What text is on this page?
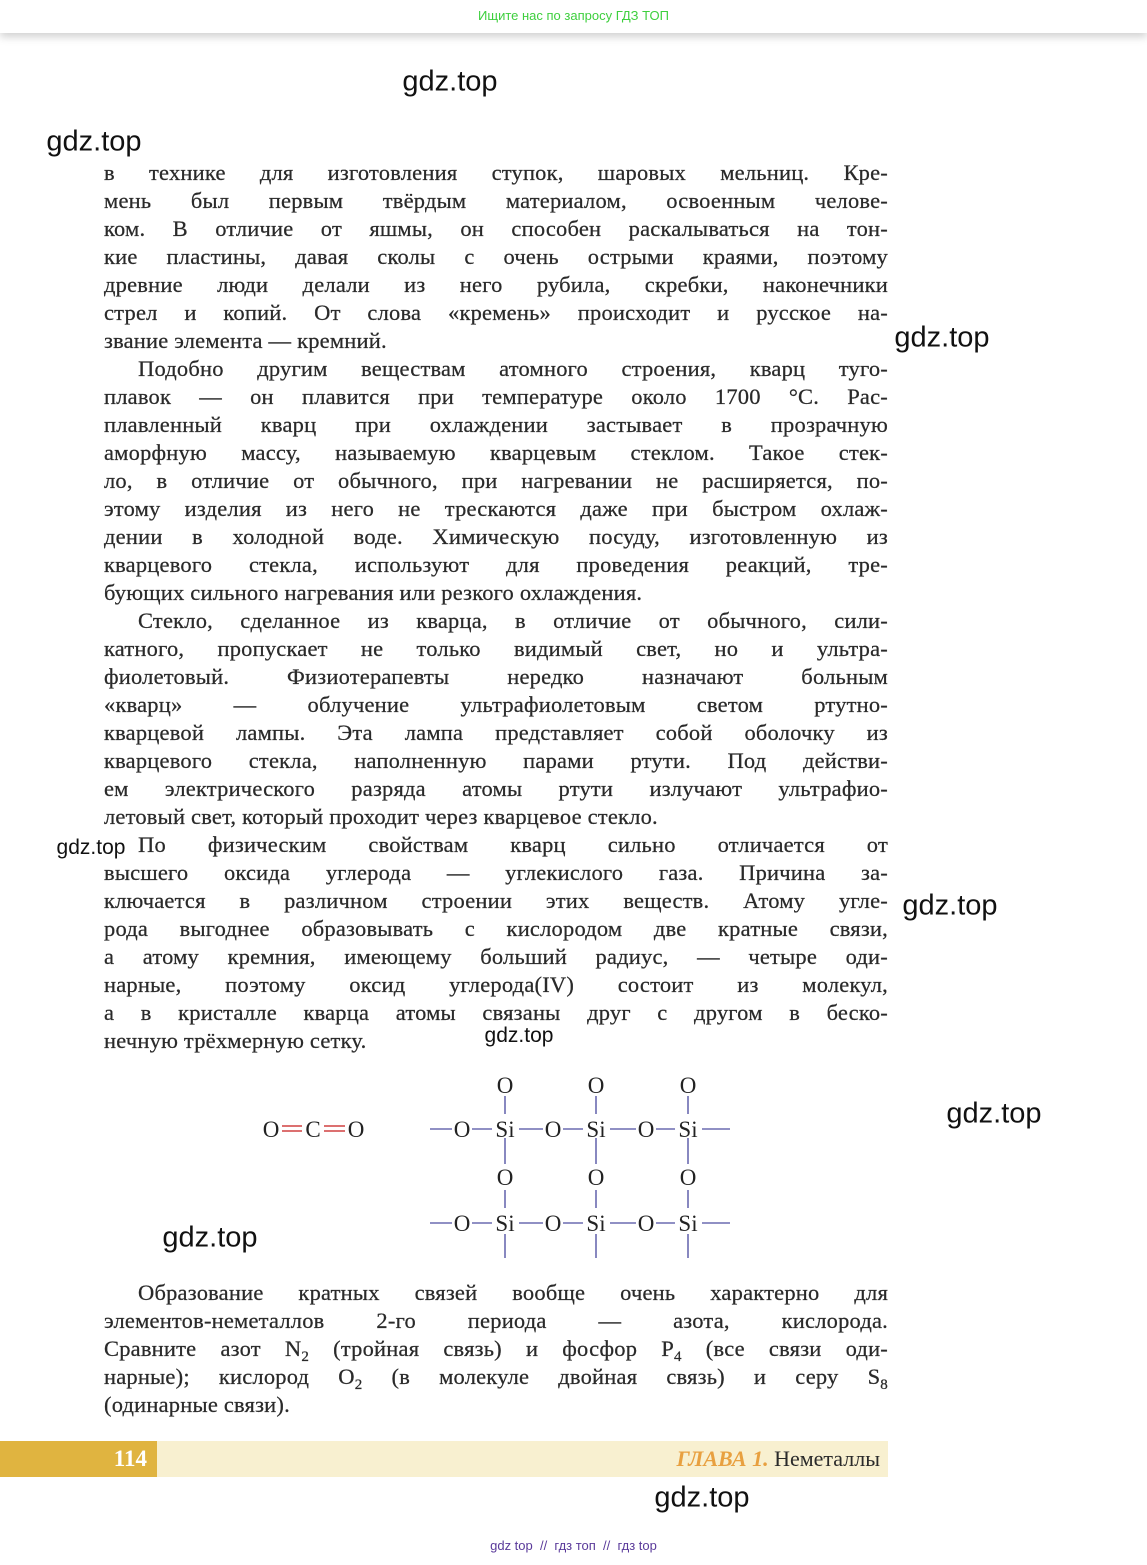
Ищите нас по запросу ГДЗ ТОП
в технике для изготовления ступок, шаровых мельниц. Кре-
мень был первым твёрдым материалом, освоенным челове-
ком. В отличие от яшмы, он способен раскалываться на тон-
кие пластины, давая сколы с очень острыми краями, поэтому
древние люди делали из него рубила, скребки, наконечники
стрел и копий. От слова «кремень» происходит и русское на-
звание элемента — кремний.
Подобно другим веществам атомного строения, кварц туго-
плавок — он плавится при температуре около 1700 °С. Рас-
плавленный кварц при охлаждении застывает в прозрачную
аморфную массу, называемую кварцевым стеклом. Такое стек-
ло, в отличие от обычного, при нагревании не расширяется, по-
этому изделия из него не трескаются даже при быстром охлаж-
дении в холодной воде. Химическую посуду, изготовленную из
кварцевого стекла, используют для проведения реакций, тре-
бующих сильного нагревания или резкого охлаждения.
Стекло, сделанное из кварца, в отличие от обычного, сили-
катного, пропускает не только видимый свет, но и ультра-
фиолетовый. Физиотерапевты нередко назначают больным
«кварц» — облучение ультрафиолетовым светом ртутно-
кварцевой лампы. Эта лампа представляет собой оболочку из
кварцевого стекла, наполненную парами ртути. Под действи-
ем электрического разряда атомы ртути излучают ультрафио-
летовый свет, который проходит через кварцевое стекло.
По физическим свойствам кварц сильно отличается от
высшего оксида углерода — углекислого газа. Причина за-
ключается в различном строении этих веществ. Атому угле-
рода выгоднее образовывать с кислородом две кратные связи,
а атому кремния, имеющему больший радиус, — четыре оди-
нарные, поэтому оксид углерода(IV) состоит из молекул,
а в кристалле кварца атомы связаны друг с другом в беско-
нечную трёхмерную сетку.
Образование кратных связей вообще очень характерно для
элементов-неметаллов 2-го периода — азота, кислорода.
Сравните азот $N_2$ (тройная связь) и фосфор $P_4$ (все связи оди-
нарные); кислород $O_2$ (в молекуле двойная связь) и серу $S_8$
(одинарные связи).
O C O	O Si O Si O Si
O Si O Si O Si
O
O
O
O
O
O
gdz.top
gdz.top
gdz.top
gdz.top
gdz.top
gdz.top
gdz.top
gdz.top
gdz.top
114	ГЛАВА 1. Неметаллы
gdz top  //  гдз топ  //  гдз top
